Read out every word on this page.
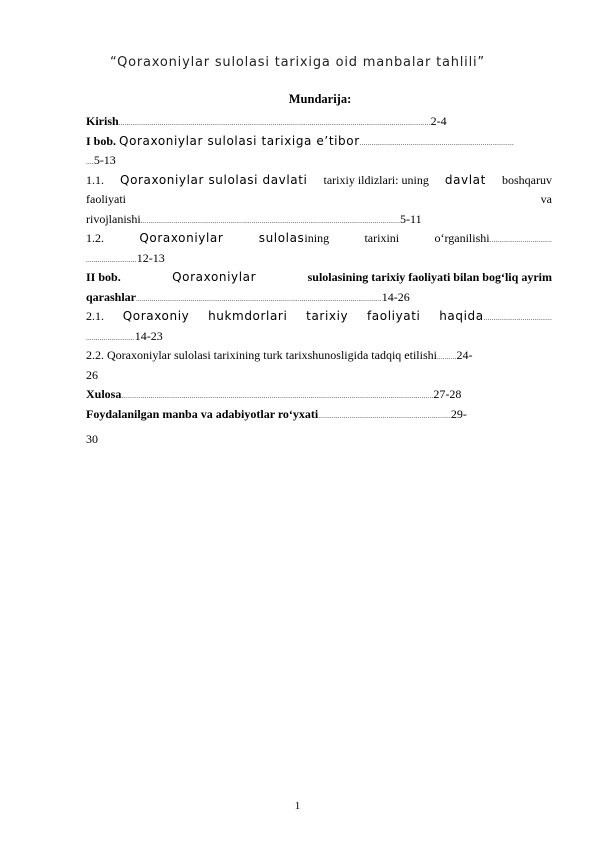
“Qoraxoniylar sulolasi tarixiga oid manbalar tahlili”
Mundarija:
Kirish................................................................................................................................................................2-4
I bob. Qoraxoniylar sulolasi tarixiga e’tibor...............................................................................
....5-13
1.1. Qoraxoniylar sulolasi davlati tarixiy ildizlari: uning davlat boshqaruv
faoliyati	va
rivojlanishi.....................................................................................................................................5-11
1.2.	Qoraxoniylar	sulolasining	tarixini	o‘rganilishi................................
..........................12-13
II bob.	Qoraxoniylar	sulolasining tarixiy faoliyati bilan bog‘liq ayrim
qarashlar..............................................................................................................................14-26
2.1. Qoraxoniy hukmdorlari tarixiy faoliyati haqida...................................
.........................14-23
2.2. Qoraxoniylar sulolasi tarixining turk tarixshunosligida tadqiq etilishi..........24-
26
Xulosa................................................................................................................................................................27-28
Foydalanilgan manba va adabiyotlar ro‘yxati....................................................................29-
30
1
